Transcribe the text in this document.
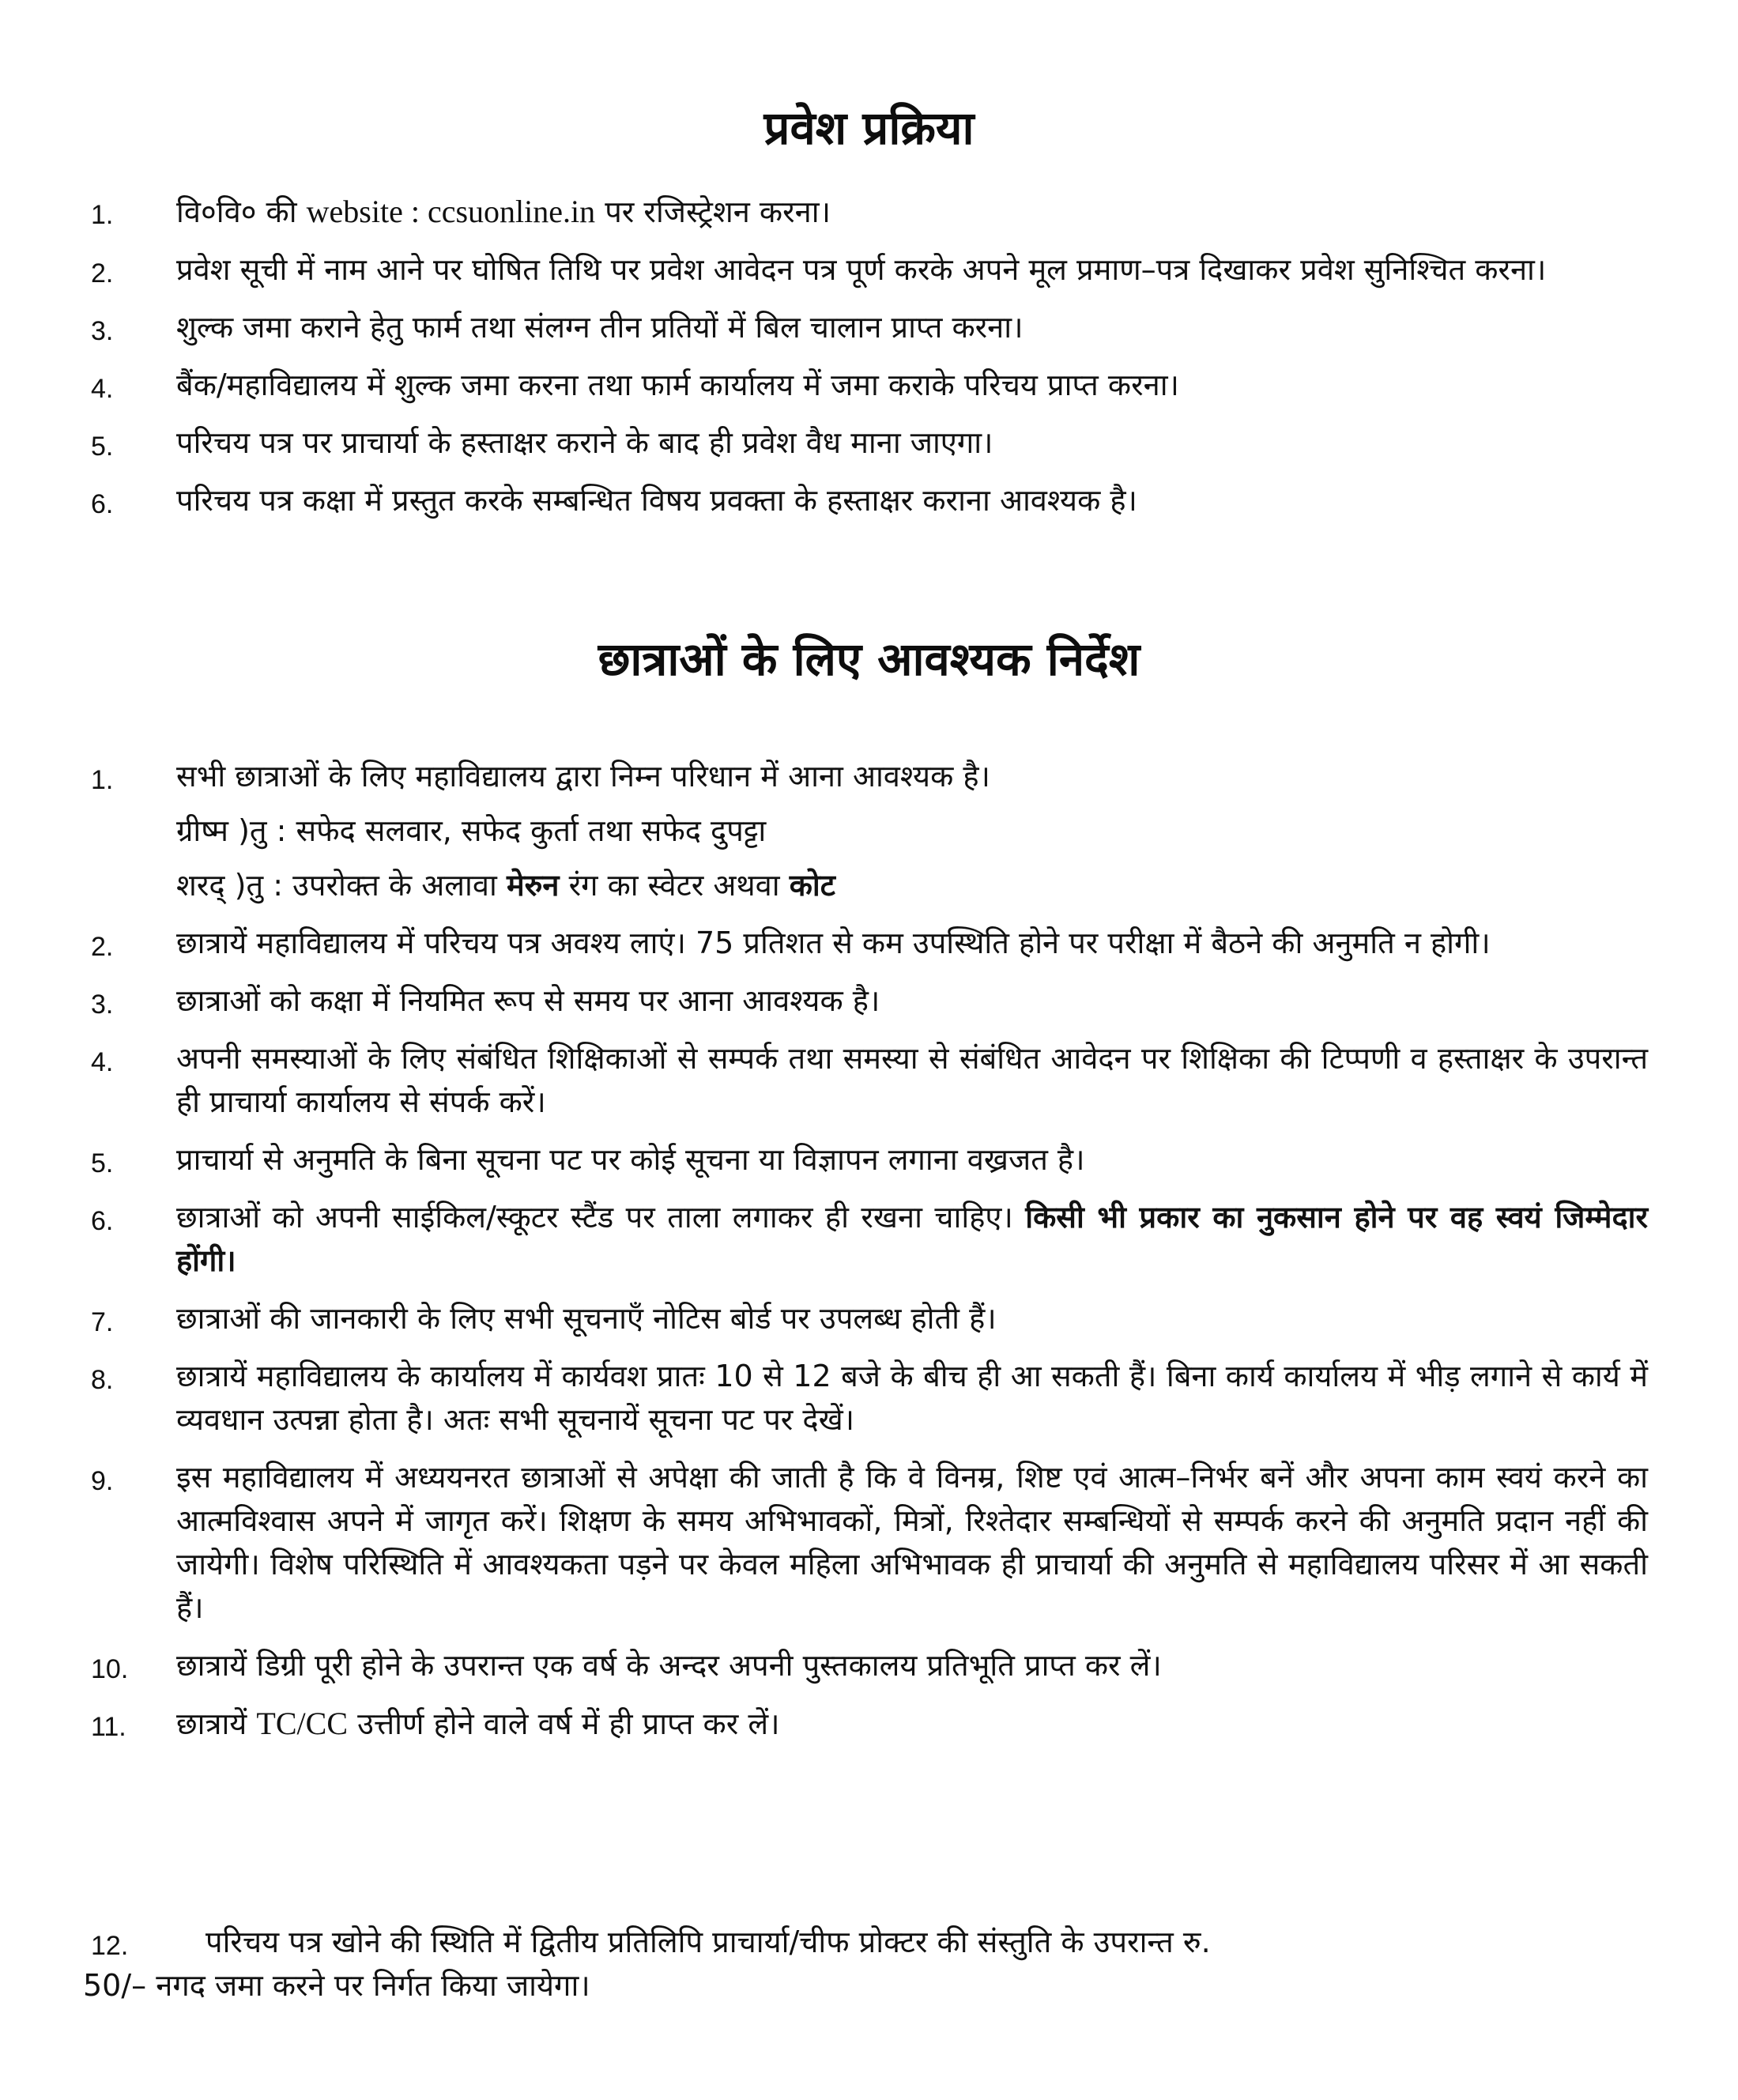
प्रवेश प्रक्रिया
1. वि०वि० की website : ccsuonline.in पर रजिस्ट्रेशन करना।
2. प्रवेश सूची में नाम आने पर घोषित तिथि पर प्रवेश आवेदन पत्र पूर्ण करके अपने मूल प्रमाण–पत्र दिखाकर प्रवेश सुनिश्चित करना।
3. शुल्क जमा कराने हेतु फार्म तथा संलग्न तीन प्रतियों में बिल चालान प्राप्त करना।
4. बैंक/महाविद्यालय में शुल्क जमा करना तथा फार्म कार्यालय में जमा कराके परिचय प्राप्त करना।
5. परिचय पत्र पर प्राचार्या के हस्ताक्षर कराने के बाद ही प्रवेश वैध माना जाएगा।
6. परिचय पत्र कक्षा में प्रस्तुत करके सम्बन्धित विषय प्रवक्ता के हस्ताक्षर कराना आवश्यक है।
छात्राओं के लिए आवश्यक निर्देश
1. सभी छात्राओं के लिए महाविद्यालय द्वारा निम्न परिधान में आना आवश्यक है।
ग्रीष्म )तु : सफेद सलवार, सफेद कुर्ता तथा सफेद दुपट्टा
शरद् )तु : उपरोक्त के अलावा मेरुन रंग का स्वेटर अथवा कोट
2. छात्रायें महाविद्यालय में परिचय पत्र अवश्य लाएं। 75 प्रतिशत से कम उपस्थिति होने पर परीक्षा में बैठने की अनुमति न होगी।
3. छात्राओं को कक्षा में नियमित रूप से समय पर आना आवश्यक है।
4. अपनी समस्याओं के लिए संबंधित शिक्षिकाओं से सम्पर्क तथा समस्या से संबंधित आवेदन पर शिक्षिका की टिप्पणी व हस्ताक्षर के उपरान्त ही प्राचार्या कार्यालय से संपर्क करें।
5. प्राचार्या से अनुमति के बिना सूचना पट पर कोई सूचना या विज्ञापन लगाना वख्रजत है।
6. छात्राओं को अपनी साईकिल/स्कूटर स्टैंड पर ताला लगाकर ही रखना चाहिए। किसी भी प्रकार का नुकसान होने पर वह स्वयं जिम्मेदार होंगी।
7. छात्राओं की जानकारी के लिए सभी सूचनाएँ नोटिस बोर्ड पर उपलब्ध होती हैं।
8. छात्रायें महाविद्यालय के कार्यालय में कार्यवश प्रातः 10 से 12 बजे के बीच ही आ सकती हैं। बिना कार्य कार्यालय में भीड़ लगाने से कार्य में व्यवधान उत्पन्ना होता है। अतः सभी सूचनायें सूचना पट पर देखें।
9. इस महाविद्यालय में अध्ययनरत छात्राओं से अपेक्षा की जाती है कि वे विनम्र, शिष्ट एवं आत्म–निर्भर बनें और अपना काम स्वयं करने का आत्मविश्वास अपने में जागृत करें। शिक्षण के समय अभिभावकों, मित्रों, रिश्तेदार सम्बन्धियों से सम्पर्क करने की अनुमति प्रदान नहीं की जायेगी। विशेष परिस्थिति में आवश्यकता पड़ने पर केवल महिला अभिभावक ही प्राचार्या की अनुमति से महाविद्यालय परिसर में आ सकती हैं।
10. छात्रायें डिग्री पूरी होने के उपरान्त एक वर्ष के अन्दर अपनी पुस्तकालय प्रतिभूति प्राप्त कर लें।
11. छात्रायें TC/CC उत्तीर्ण होने वाले वर्ष में ही प्राप्त कर लें।
12.	परिचय पत्र खोने की स्थिति में द्वितीय प्रतिलिपि प्राचार्या/चीफ प्रोक्टर की संस्तुति के उपरान्त रु.
50/– नगद जमा करने पर निर्गत किया जायेगा।
